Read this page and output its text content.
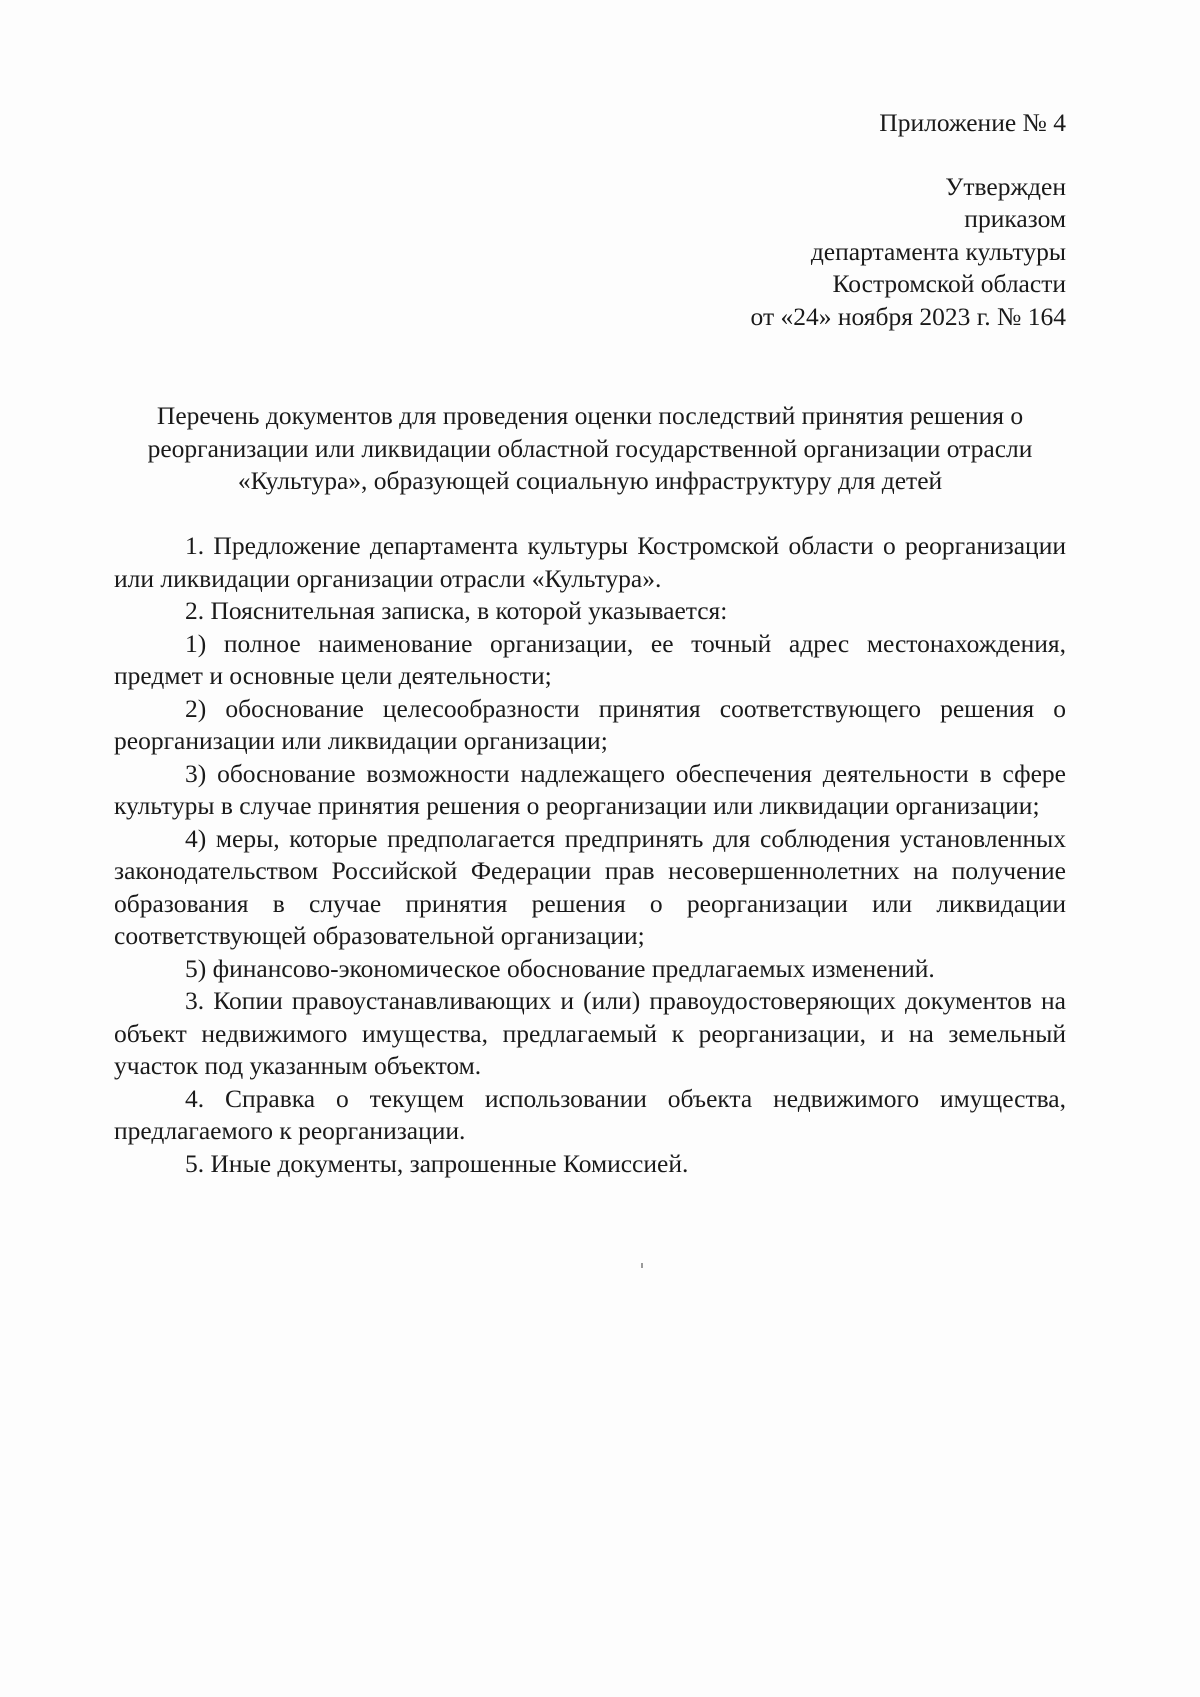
Приложение № 4
Утвержден
приказом
департамента культуры
Костромской области
от «24» ноября 2023 г. № 164
Перечень документов для проведения оценки последствий принятия решения о
реорганизации или ликвидации областной государственной организации отрасли
«Культура», образующей социальную инфраструктуру для детей

1. Предложение департамента культуры Костромской области о реорганизации или ликвидации организации отрасли «Культура».

2. Пояснительная записка, в которой указывается:

1) полное наименование организации, ее точный адрес местонахождения, предмет и основные цели деятельности;

2) обоснование целесообразности принятия соответствующего решения о реорганизации или ликвидации организации;

3) обоснование возможности надлежащего обеспечения деятельности в сфере культуры в случае принятия решения о реорганизации или ликвидации организации;

4) меры, которые предполагается предпринять для соблюдения установленных законодательством Российской Федерации прав несовершеннолетних на получение образования в случае принятия решения о реорганизации или ликвидации соответствующей образовательной организации;

5) финансово-экономическое обоснование предлагаемых изменений.

3. Копии правоустанавливающих и (или) правоудостоверяющих документов на объект недвижимого имущества, предлагаемый к реорганизации, и на земельный участок под указанным объектом.

4. Справка о текущем использовании объекта недвижимого имущества, предлагаемого к реорганизации.

5. Иные документы, запрошенные Комиссией.
